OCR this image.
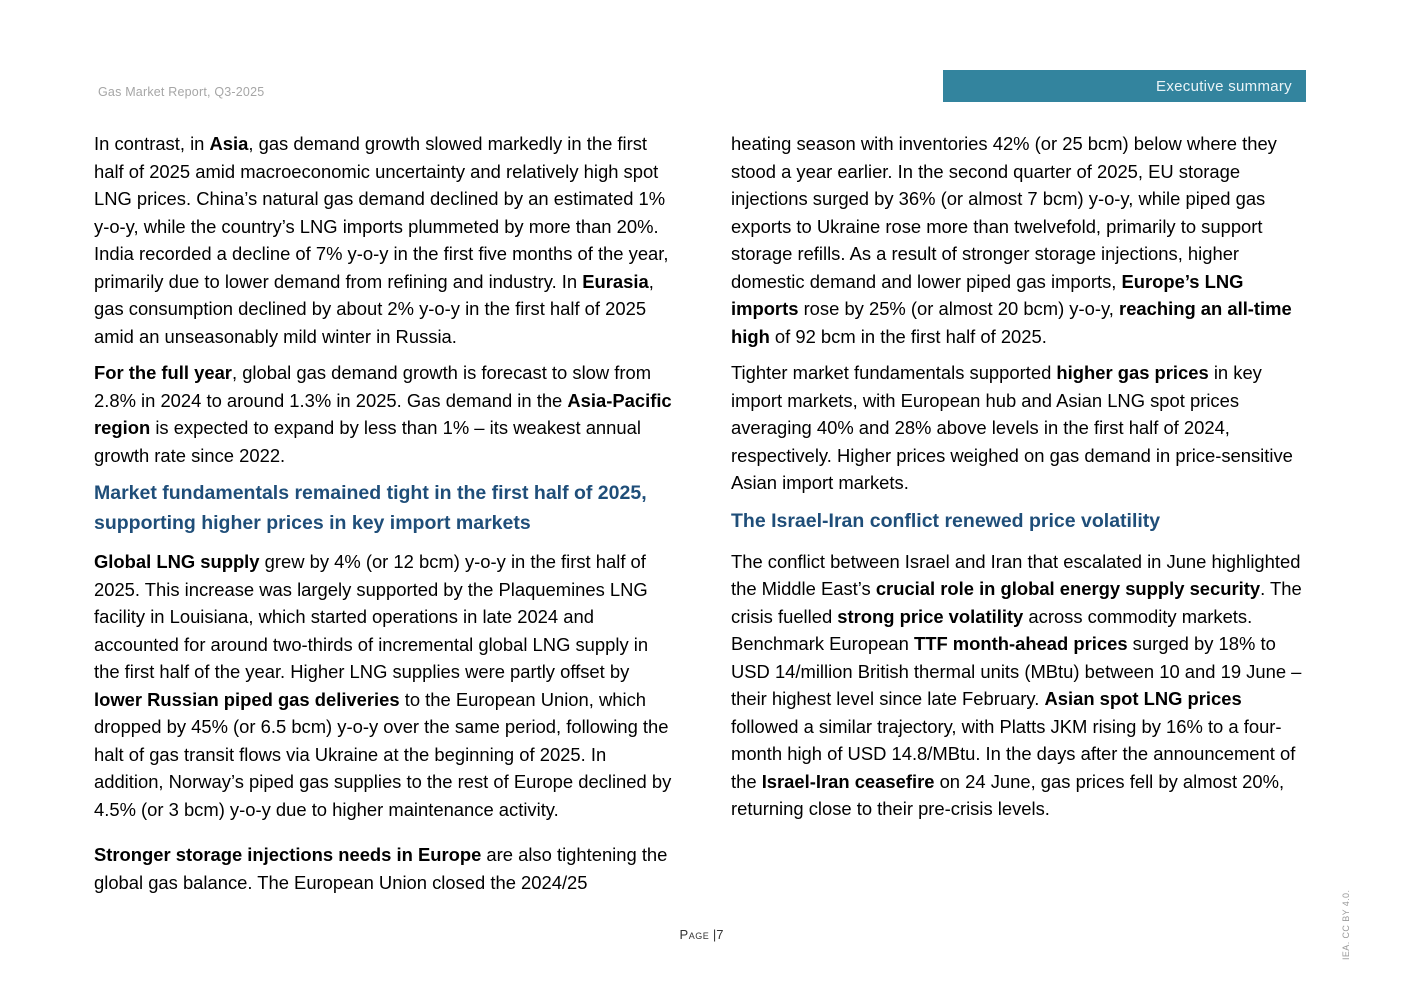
Gas Market Report, Q3-2025	Executive summary

In contrast, in Asia, gas demand growth slowed markedly in the first half of 2025 amid macroeconomic uncertainty and relatively high spot LNG prices. China’s natural gas demand declined by an estimated 1% y-o-y, while the country’s LNG imports plummeted by more than 20%. India recorded a decline of 7% y-o-y in the first five months of the year, primarily due to lower demand from refining and industry. In Eurasia, gas consumption declined by about 2% y-o-y in the first half of 2025 amid an unseasonably mild winter in Russia.

For the full year, global gas demand growth is forecast to slow from 2.8% in 2024 to around 1.3% in 2025. Gas demand in the Asia-Pacific region is expected to expand by less than 1% – its weakest annual growth rate since 2022.

Market fundamentals remained tight in the first half of 2025, supporting higher prices in key import markets

Global LNG supply grew by 4% (or 12 bcm) y-o-y in the first half of 2025. This increase was largely supported by the Plaquemines LNG facility in Louisiana, which started operations in late 2024 and accounted for around two-thirds of incremental global LNG supply in the first half of the year. Higher LNG supplies were partly offset by lower Russian piped gas deliveries to the European Union, which dropped by 45% (or 6.5 bcm) y-o-y over the same period, following the halt of gas transit flows via Ukraine at the beginning of 2025. In addition, Norway’s piped gas supplies to the rest of Europe declined by 4.5% (or 3 bcm) y-o-y due to higher maintenance activity.

Stronger storage injections needs in Europe are also tightening the global gas balance. The European Union closed the 2024/25

heating season with inventories 42% (or 25 bcm) below where they stood a year earlier. In the second quarter of 2025, EU storage injections surged by 36% (or almost 7 bcm) y-o-y, while piped gas exports to Ukraine rose more than twelvefold, primarily to support storage refills. As a result of stronger storage injections, higher domestic demand and lower piped gas imports, Europe’s LNG imports rose by 25% (or almost 20 bcm) y-o-y, reaching an all-time high of 92 bcm in the first half of 2025.

Tighter market fundamentals supported higher gas prices in key import markets, with European hub and Asian LNG spot prices averaging 40% and 28% above levels in the first half of 2024, respectively. Higher prices weighed on gas demand in price-sensitive Asian import markets.

The Israel-Iran conflict renewed price volatility

The conflict between Israel and Iran that escalated in June highlighted the Middle East’s crucial role in global energy supply security. The crisis fuelled strong price volatility across commodity markets. Benchmark European TTF month-ahead prices surged by 18% to USD 14/million British thermal units (MBtu) between 10 and 19 June – their highest level since late February. Asian spot LNG prices followed a similar trajectory, with Platts JKM rising by 16% to a four-month high of USD 14.8/MBtu. In the days after the announcement of the Israel-Iran ceasefire on 24 June, gas prices fell by almost 20%, returning close to their pre-crisis levels.

Page |7	IEA. CC BY 4.0.
